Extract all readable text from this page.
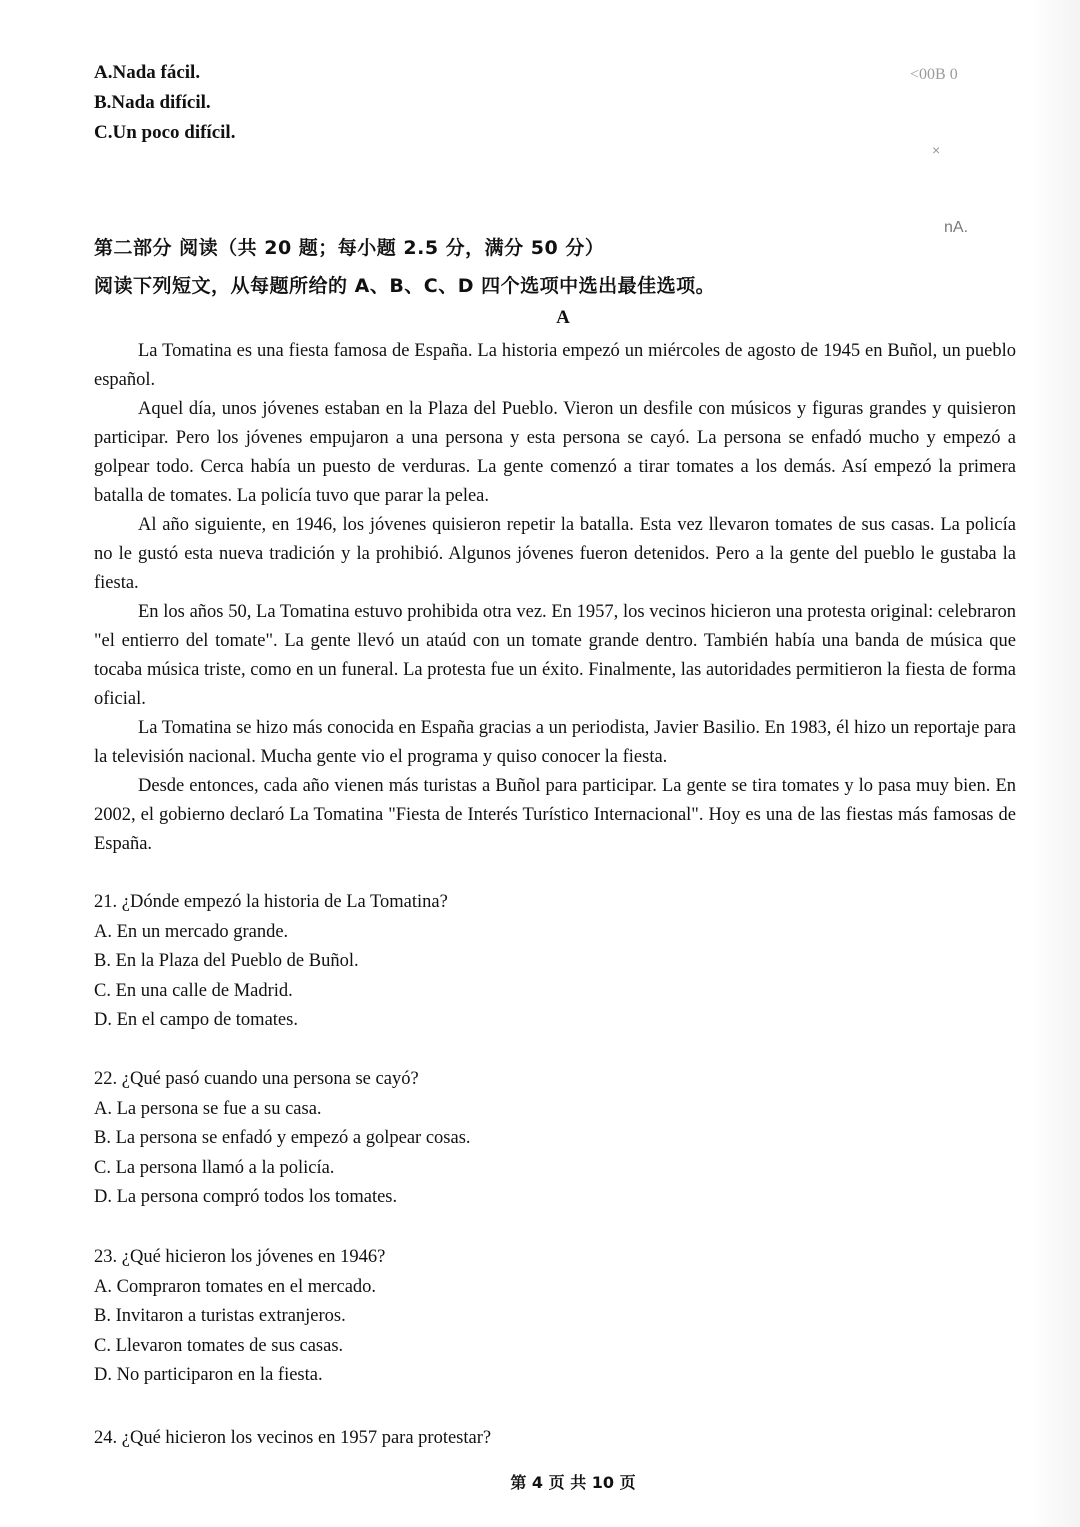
A.Nada fácil.
B.Nada difícil.
C.Un poco difícil.
<00B 0
×
nA.
第二部分 阅读（共 20 题；每小题 2.5 分，满分 50 分）
阅读下列短文，从每题所给的 A、B、C、D 四个选项中选出最佳选项。
A

La Tomatina es una fiesta famosa de España. La historia empezó un miércoles de agosto de 1945 en Buñol, un pueblo español.

Aquel día, unos jóvenes estaban en la Plaza del Pueblo. Vieron un desfile con músicos y figuras grandes y quisieron participar. Pero los jóvenes empujaron a una persona y esta persona se cayó. La persona se enfadó mucho y empezó a golpear todo. Cerca había un puesto de verduras. La gente comenzó a tirar tomates a los demás. Así empezó la primera batalla de tomates. La policía tuvo que parar la pelea.

Al año siguiente, en 1946, los jóvenes quisieron repetir la batalla. Esta vez llevaron tomates de sus casas. La policía no le gustó esta nueva tradición y la prohibió. Algunos jóvenes fueron detenidos. Pero a la gente del pueblo le gustaba la fiesta.

En los años 50, La Tomatina estuvo prohibida otra vez. En 1957, los vecinos hicieron una protesta original: celebraron "el entierro del tomate". La gente llevó un ataúd con un tomate grande dentro. También había una banda de música que tocaba música triste, como en un funeral. La protesta fue un éxito. Finalmente, las autoridades permitieron la fiesta de forma oficial.

La Tomatina se hizo más conocida en España gracias a un periodista, Javier Basilio. En 1983, él hizo un reportaje para la televisión nacional. Mucha gente vio el programa y quiso conocer la fiesta.

Desde entonces, cada año vienen más turistas a Buñol para participar. La gente se tira tomates y lo pasa muy bien. En 2002, el gobierno declaró La Tomatina "Fiesta de Interés Turístico Internacional". Hoy es una de las fiestas más famosas de España.

21. ¿Dónde empezó la historia de La Tomatina?
A. En un mercado grande.
B. En la Plaza del Pueblo de Buñol.
C. En una calle de Madrid.
D. En el campo de tomates.
22. ¿Qué pasó cuando una persona se cayó?
A. La persona se fue a su casa.
B. La persona se enfadó y empezó a golpear cosas.
C. La persona llamó a la policía.
D. La persona compró todos los tomates.
23. ¿Qué hicieron los jóvenes en 1946?
A. Compraron tomates en el mercado.
B. Invitaron a turistas extranjeros.
C. Llevaron tomates de sus casas.
D. No participaron en la fiesta.
24. ¿Qué hicieron los vecinos en 1957 para protestar?
第 4 页 共 10 页
